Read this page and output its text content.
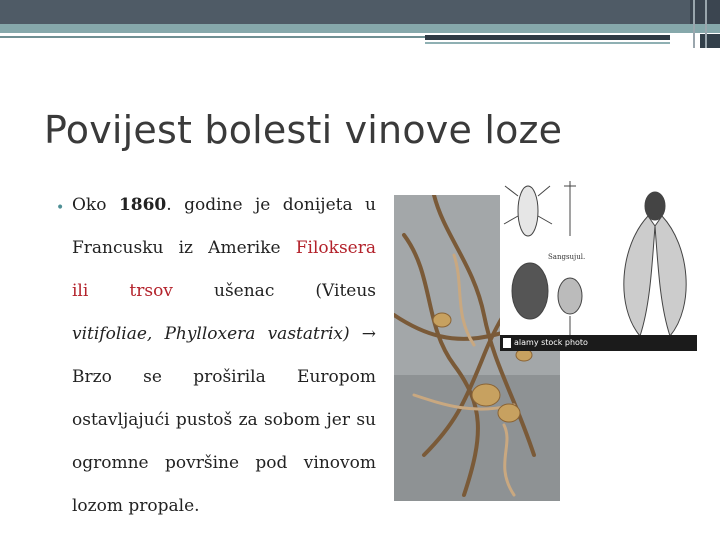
Povijest bolesti vinove loze
• Oko 1860. godine je donijeta u
Francusku iz Amerike Filoksera
ili trsov ušenac (Viteus
vitifoliae, Phylloxera vastatrix) →
Brzo se proširila Europom
ostavljajući pustoš za sobom jer su
ogromne površine pod vinovom
lozom propale.
alamy stock photo
Sangsujul.
